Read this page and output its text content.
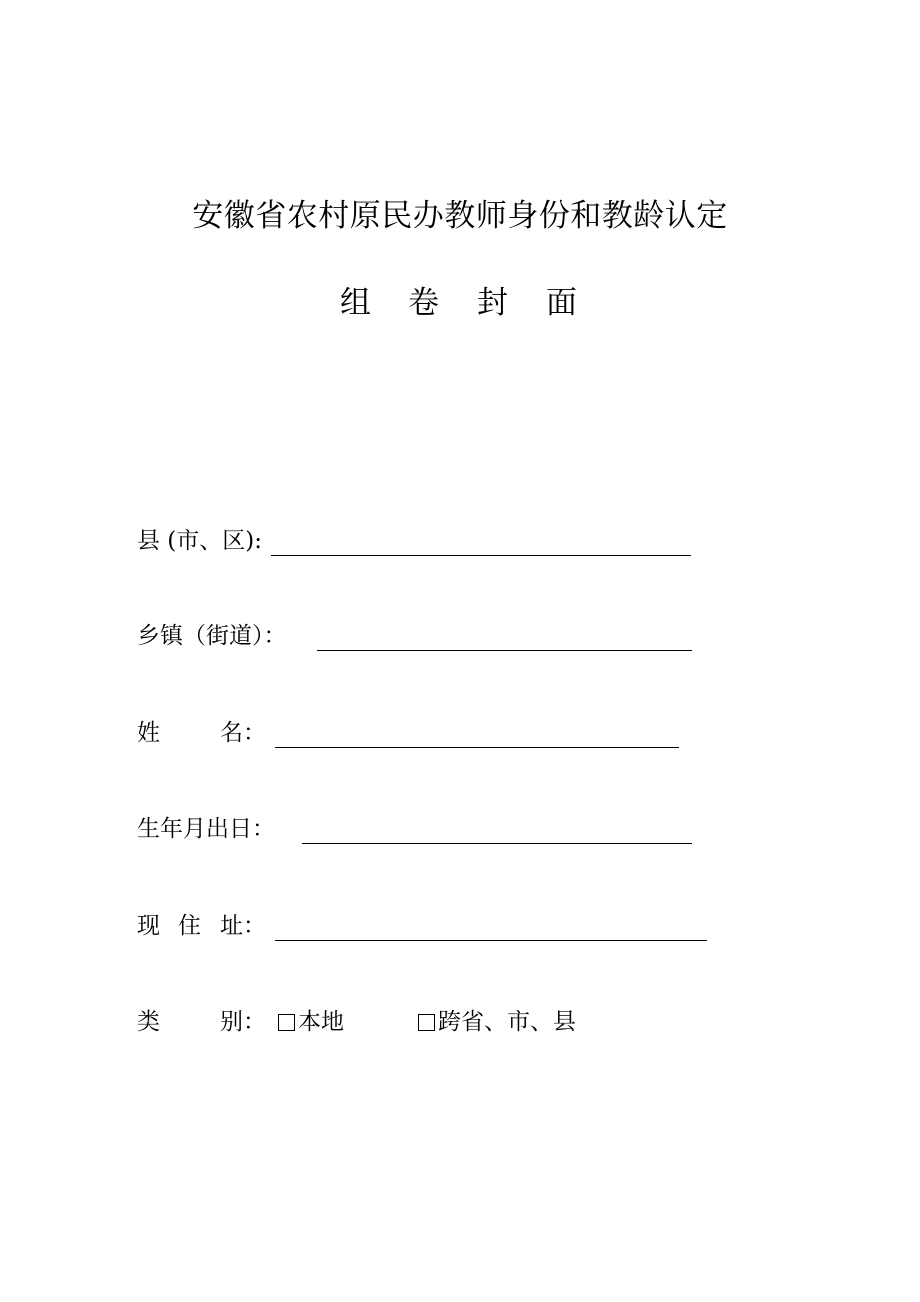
安徽省农村原民办教师身份和教龄认定
组 卷 封 面
县 (市、区):
乡镇（街道）：
姓	名：
生年月出日：
现 住 址：
类	别： 本地	跨省、市、县
